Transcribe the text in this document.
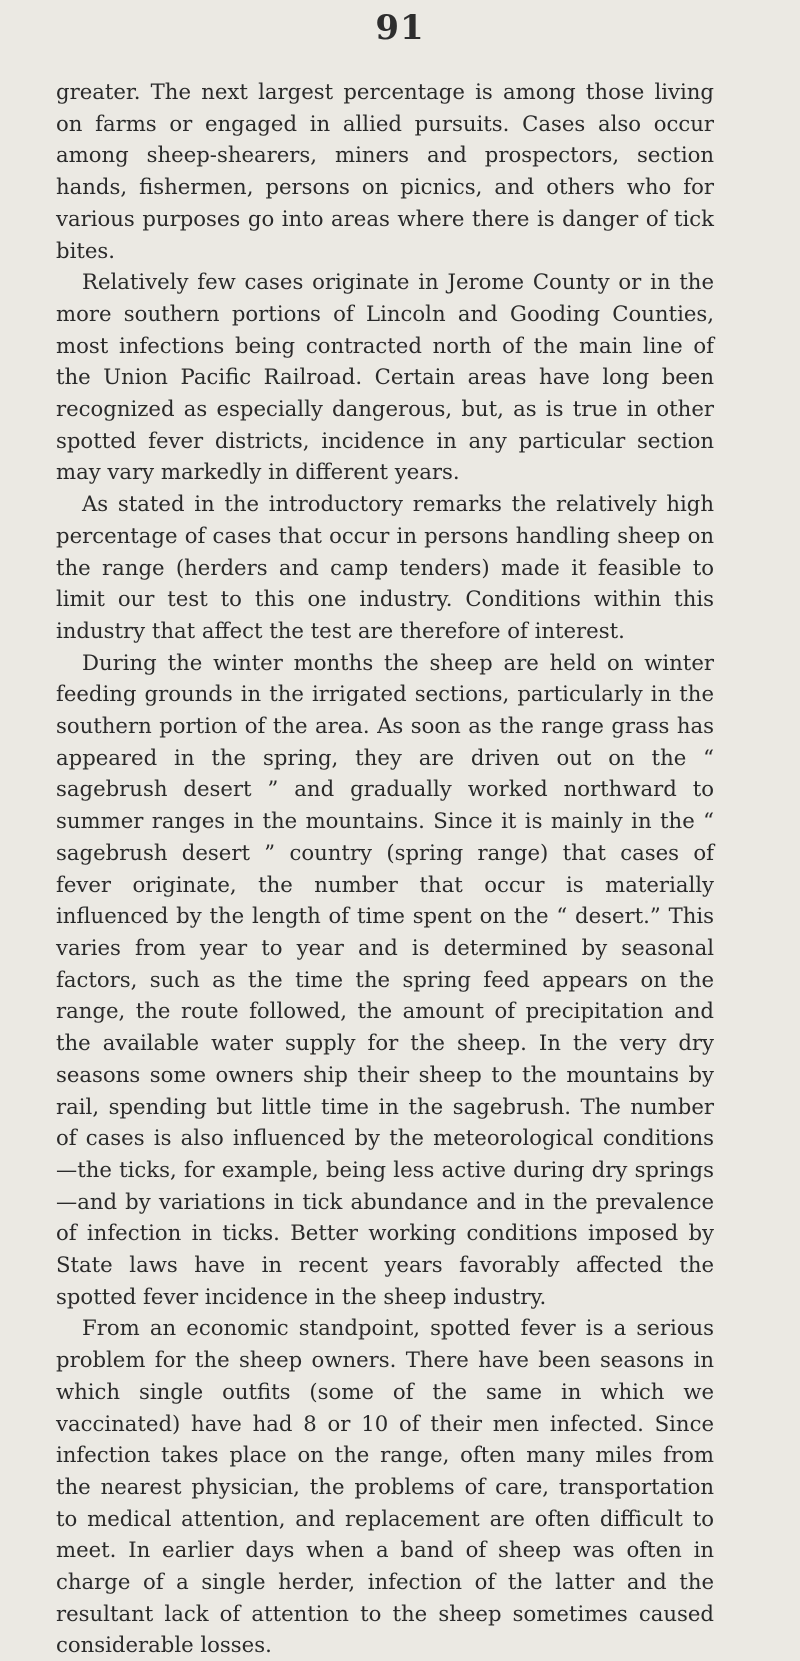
91

greater. The next largest percentage is among those living on farms or engaged in allied pursuits. Cases also occur among sheep-shearers, miners and prospectors, section hands, fishermen, persons on picnics, and others who for various purposes go into areas where there is danger of tick bites.

Relatively few cases originate in Jerome County or in the more southern portions of Lincoln and Gooding Counties, most infections being contracted north of the main line of the Union Pacific Railroad. Certain areas have long been recognized as especially dangerous, but, as is true in other spotted fever districts, incidence in any particular section may vary markedly in different years.

As stated in the introductory remarks the relatively high percentage of cases that occur in persons handling sheep on the range (herders and camp tenders) made it feasible to limit our test to this one industry. Conditions within this industry that affect the test are therefore of interest.

During the winter months the sheep are held on winter feeding grounds in the irrigated sections, particularly in the southern portion of the area. As soon as the range grass has appeared in the spring, they are driven out on the “ sagebrush desert ” and gradually worked northward to summer ranges in the mountains. Since it is mainly in the “ sagebrush desert ” country (spring range) that cases of fever originate, the number that occur is materially influenced by the length of time spent on the “ desert.” This varies from year to year and is determined by seasonal factors, such as the time the spring feed appears on the range, the route followed, the amount of precipitation and the available water supply for the sheep. In the very dry seasons some owners ship their sheep to the mountains by rail, spending but little time in the sagebrush. The number of cases is also influenced by the meteorological conditions—the ticks, for example, being less active during dry springs—and by variations in tick abundance and in the prevalence of infection in ticks. Better working conditions imposed by State laws have in recent years favorably affected the spotted fever incidence in the sheep industry.

From an economic standpoint, spotted fever is a serious problem for the sheep owners. There have been seasons in which single outfits (some of the same in which we vaccinated) have had 8 or 10 of their men infected. Since infection takes place on the range, often many miles from the nearest physician, the problems of care, transportation to medical attention, and replacement are often difficult to meet. In earlier days when a band of sheep was often in charge of a single herder, infection of the latter and the resultant lack of attention to the sheep sometimes caused considerable losses.
